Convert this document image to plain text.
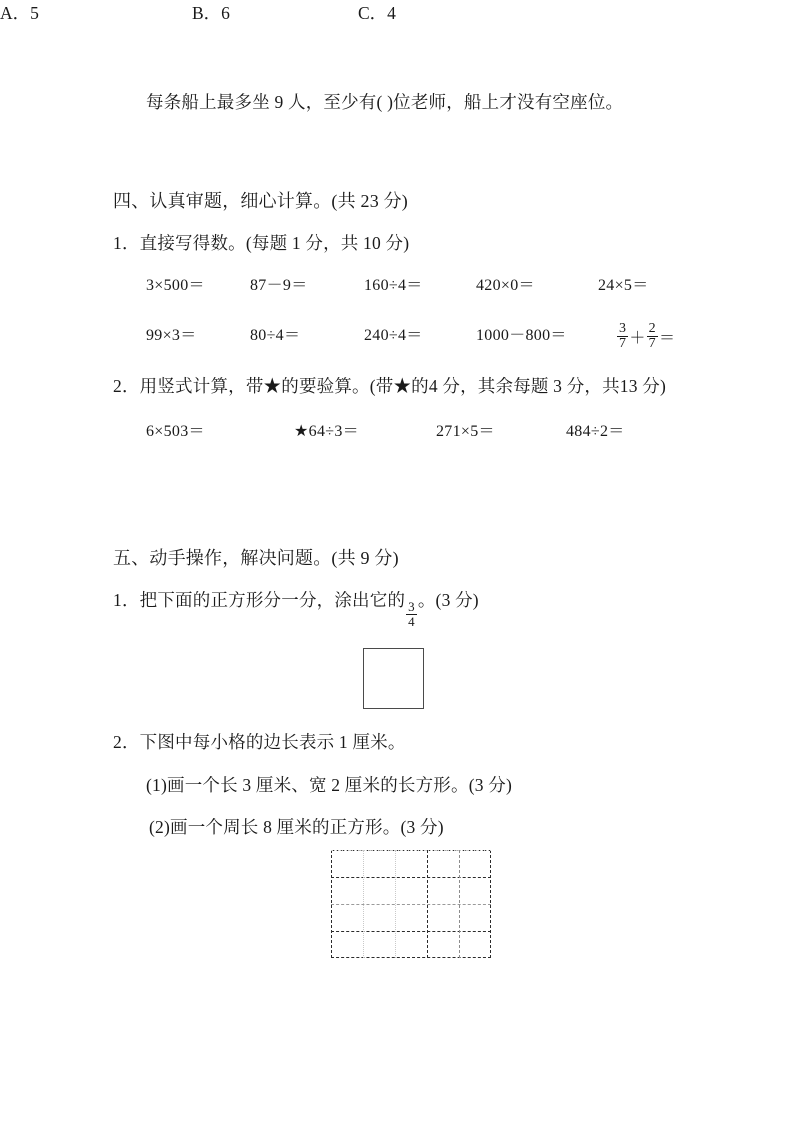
每条船上最多坐 9 人，至少有( )位老师，船上才没有空座位。
A．5	B．6	C．4
四、认真审题，细心计算。(共 23 分)
1．直接写得数。(每题 1 分，共 10 分)
3×500＝	87－9＝	160÷4＝	420×0＝	24×5＝
99×3＝	80÷4＝	240÷4＝	1000－800＝	$\frac{3}{7} + \frac{2}{7}$ ＝
2．用竖式计算，带★的要验算。(带★的4 分，其余每题 3 分，共13 分)
6×503＝	★64÷3＝	271×5＝	484÷2＝
五、动手操作，解决问题。(共 9 分)
1．把下面的正方形分一分，涂出它的
$\frac{3}{4}$
。(3 分)
2．下图中每小格的边长表示 1 厘米。
(1)画一个长 3 厘米、宽 2 厘米的长方形。(3 分)
(2)画一个周长 8 厘米的正方形。(3 分)
